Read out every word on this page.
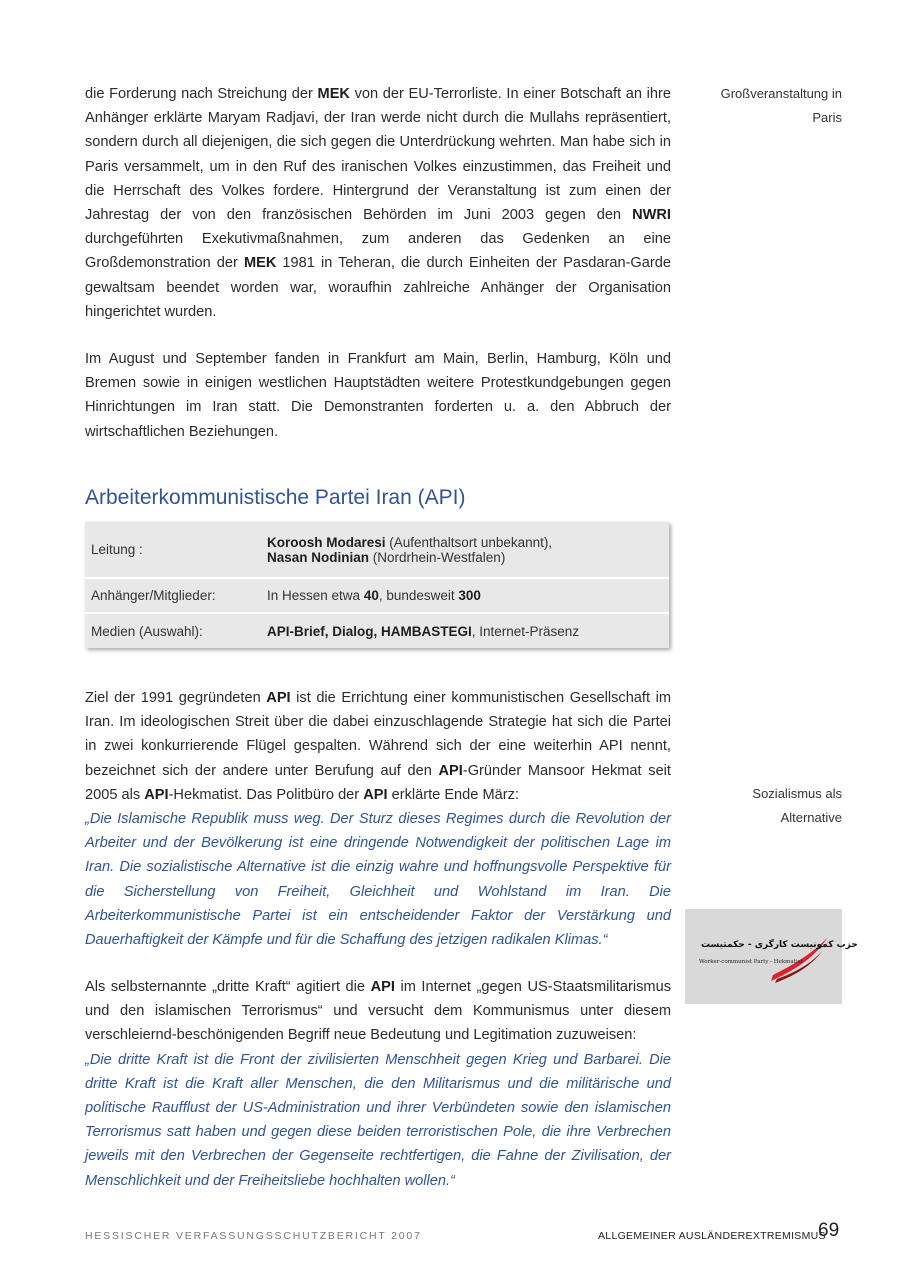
die Forderung nach Streichung der MEK von der EU-Terrorliste. In einer Botschaft an ihre Anhänger erklärte Maryam Radjavi, der Iran werde nicht durch die Mullahs repräsentiert, sondern durch all diejenigen, die sich gegen die Unterdrückung wehrten. Man habe sich in Paris versammelt, um in den Ruf des iranischen Volkes einzustimmen, das Freiheit und die Herrschaft des Volkes fordere. Hintergrund der Veranstaltung ist zum einen der Jahrestag der von den französischen Behörden im Juni 2003 gegen den NWRI durchgeführten Exekutivmaßnahmen, zum anderen das Gedenken an eine Großdemonstration der MEK 1981 in Teheran, die durch Einheiten der Pasdaran-Garde gewaltsam beendet worden war, woraufhin zahlreiche Anhänger der Organisation hingerichtet wurden.

Im August und September fanden in Frankfurt am Main, Berlin, Hamburg, Köln und Bremen sowie in einigen westlichen Hauptstädten weitere Protestkundgebungen gegen Hinrichtungen im Iran statt. Die Demonstranten forderten u. a. den Abbruch der wirtschaftlichen Beziehungen.

Großveranstaltung in Paris
Arbeiterkommunistische Partei Iran (API)
Leitung :	Koroosh Modaresi (Aufenthaltsort unbekannt),
Nasan Nodinian (Nordrhein-Westfalen)
Anhänger/Mitglieder:	In Hessen etwa 40, bundesweit 300
Medien (Auswahl):	API-Brief, Dialog, HAMBASTEGI, Internet-Präsenz

Ziel der 1991 gegründeten API ist die Errichtung einer kommunistischen Gesellschaft im Iran. Im ideologischen Streit über die dabei einzuschlagende Strategie hat sich die Partei in zwei konkurrierende Flügel gespalten. Während sich der eine weiterhin API nennt, bezeichnet sich der andere unter Berufung auf den API-Gründer Mansoor Hekmat seit 2005 als API-Hekmatist. Das Politbüro der API erklärte Ende März:

„Die Islamische Republik muss weg. Der Sturz dieses Regimes durch die Revolution der Arbeiter und der Bevölkerung ist eine dringende Notwendigkeit der politischen Lage im Iran. Die sozialistische Alternative ist die einzig wahre und hoffnungsvolle Perspektive für die Sicherstellung von Freiheit, Gleichheit und Wohlstand im Iran. Die Arbeiterkommunistische Partei ist ein entscheidender Faktor der Verstärkung und Dauerhaftigkeit der Kämpfe und für die Schaffung des jetzigen radikalen Klimas.“

Sozialismus als
Alternative
حزب کمونیست کارگری - حکمتیست
Worker-communist Party - Hekmatist

Als selbsternannte „dritte Kraft“ agitiert die API im Internet „gegen US-Staatsmilitarismus und den islamischen Terrorismus“ und versucht dem Kommunismus unter diesem verschleiernd-beschönigenden Begriff neue Bedeutung und Legitimation zuzuweisen:

„Die dritte Kraft ist die Front der zivilisierten Menschheit gegen Krieg und Barbarei. Die dritte Kraft ist die Kraft aller Menschen, die den Militarismus und die militärische und politische Raufflust der US-Administration und ihrer Verbündeten sowie den islamischen Terrorismus satt haben und gegen diese beiden terroristischen Pole, die ihre Verbrechen jeweils mit den Verbrechen der Gegenseite rechtfertigen, die Fahne der Zivilisation, der Menschlichkeit und der Freiheitsliebe hochhalten wollen.“

HESSISCHER VERFASSUNGSSCHUTZBERICHT 2007	ALLGEMEINER AUSLÄNDEREXTREMISMUS
69
